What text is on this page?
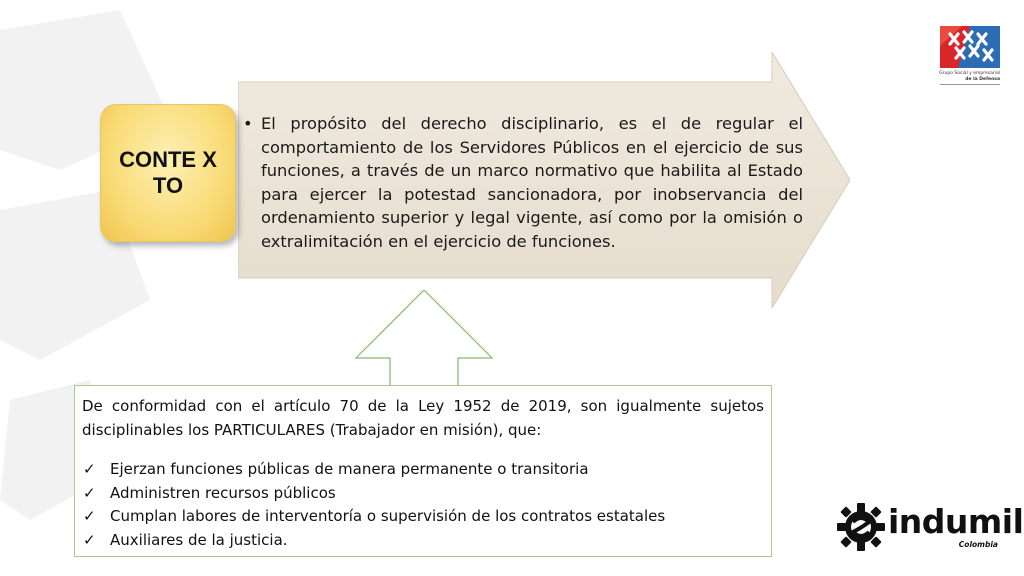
Grupo Social y empresarial
de la Defensa
• El propósito del derecho disciplinario, es el de regular el comportamiento de los Servidores Públicos en el ejercicio de sus funciones, a través de un marco normativo que habilita al Estado para ejercer la potestad sancionadora, por inobservancia del ordenamiento superior y legal vigente, así como por la omisión o extralimitación en el ejercicio de funciones.
CONTE XTO

De conformidad con el artículo 70 de la Ley 1952 de 2019, son igualmente sujetos disciplinables los PARTICULARES (Trabajador en misión), que:

✓ Ejerzan funciones públicas de manera permanente o transitoria
✓ Administren recursos públicos
✓ Cumplan labores de interventoría o supervisión de los contratos estatales
✓ Auxiliares de la justicia.	indumil
Colombia
